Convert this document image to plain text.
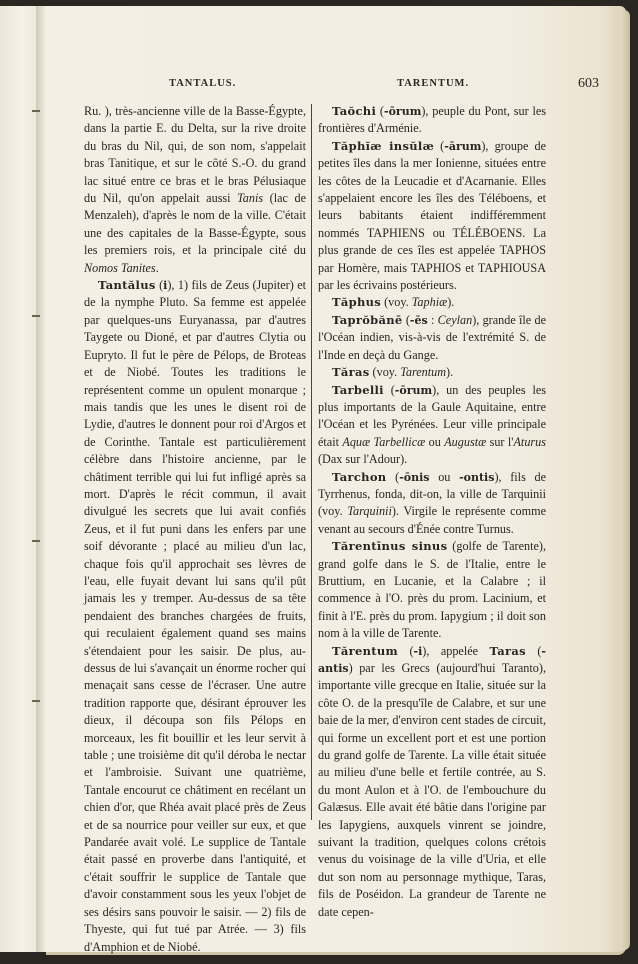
TANTALUS.	TARENTUM.	603

Ru. ), très-ancienne ville de la Basse-Égypte, dans la partie E. du Delta, sur la rive droite du bras du Nil, qui, de son nom, s'appelait bras Tanitique, et sur le côté S.-O. du grand lac situé entre ce bras et le bras Pélusiaque du Nil, qu'on appelait aussi Tanis (lac de Menzaleh), d'après le nom de la ville. C'était une des capitales de la Basse-Égypte, sous les premiers rois, et la principale cité du Nomos Tanites.

Tantălus (i), 1) fils de Zeus (Jupiter) et de la nymphe Pluto. Sa femme est appelée par quelques-uns Euryanassa, par d'autres Taygete ou Dioné, et par d'autres Clytia ou Eupryto. Il fut le père de Pélops, de Broteas et de Niobé. Toutes les traditions le représentent comme un opulent monarque ; mais tandis que les unes le disent roi de Lydie, d'autres le donnent pour roi d'Argos et de Corinthe. Tantale est particulièrement célèbre dans l'histoire ancienne, par le châtiment terrible qui lui fut infligé après sa mort. D'après le récit commun, il avait divulgué les secrets que lui avait confiés Zeus, et il fut puni dans les enfers par une soif dévorante ; placé au milieu d'un lac, chaque fois qu'il approchait ses lèvres de l'eau, elle fuyait devant lui sans qu'il pût jamais les y tremper. Au-dessus de sa tête pendaient des branches chargées de fruits, qui reculaient également quand ses mains s'étendaient pour les saisir. De plus, au-dessus de lui s'avançait un énorme rocher qui menaçait sans cesse de l'écraser. Une autre tradition rapporte que, désirant éprouver les dieux, il découpa son fils Pélops en morceaux, les fit bouillir et les leur servit à table ; une troisième dit qu'il déroba le nectar et l'ambroisie. Suivant une quatrième, Tantale encourut ce châtiment en recélant un chien d'or, que Rhéa avait placé près de Zeus et de sa nourrice pour veiller sur eux, et que Pandarée avait volé. Le supplice de Tantale était passé en proverbe dans l'antiquité, et c'était souffrir le supplice de Tantale que d'avoir constamment sous les yeux l'objet de ses désirs sans pouvoir le saisir. — 2) fils de Thyeste, qui fut tué par Atrée. — 3) fils d'Amphion et de Niobé.

Taŏchi (-ōrum), peuple du Pont, sur les frontières d'Arménie.

Tăphĭæ insŭlæ (-ārum), groupe de petites îles dans la mer Ionienne, situées entre les côtes de la Leucadie et d'Acarnanie. Elles s'appelaient encore les îles des Téléboens, et leurs babitants étaient indifféremment nommés TAPHIENS ou TÉLÉBOENS. La plus grande de ces îles est appelée TAPHOS par Homère, mais TAPHIOS et TAPHIOUSA par les écrivains postérieurs.

Tăphus (voy. Taphiæ).

Taprŏbănē (-ēs : Ceylan), grande île de l'Océan indien, vis-à-vis de l'extrémité S. de l'Inde en deçà du Gange.

Tăras (voy. Tarentum).

Tarbelli (-ōrum), un des peuples les plus importants de la Gaule Aquitaine, entre l'Océan et les Pyrénées. Leur ville principale était Aquæ Tarbellicæ ou Augustæ sur l'Aturus (Dax sur l'Adour).

Tarchon (-ōnis ou -ontis), fils de Tyrrhenus, fonda, dit-on, la ville de Tarquinii (voy. Tarquinii). Virgile le représente comme venant au secours d'Énée contre Turnus.

Tărentīnus sinus (golfe de Tarente), grand golfe dans le S. de l'Italie, entre le Bruttium, en Lucanie, et la Calabre ; il commence à l'O. près du prom. Lacinium, et finit à l'E. près du prom. Iapygium ; il doit son nom à la ville de Tarente.

Tărentum (-i), appelée Taras (-antis) par les Grecs (aujourd'hui Taranto), importante ville grecque en Italie, située sur la côte O. de la presqu'île de Calabre, et sur une baie de la mer, d'environ cent stades de circuit, qui forme un excellent port et est une portion du grand golfe de Tarente. La ville était située au milieu d'une belle et fertile contrée, au S. du mont Aulon et à l'O. de l'embouchure du Galæsus. Elle avait été bâtie dans l'origine par les Iapygiens, auxquels vinrent se joindre, suivant la tradition, quelques colons crétois venus du voisinage de la ville d'Uria, et elle dut son nom au personnage mythique, Taras, fils de Poséidon. La grandeur de Tarente ne date cepen-
